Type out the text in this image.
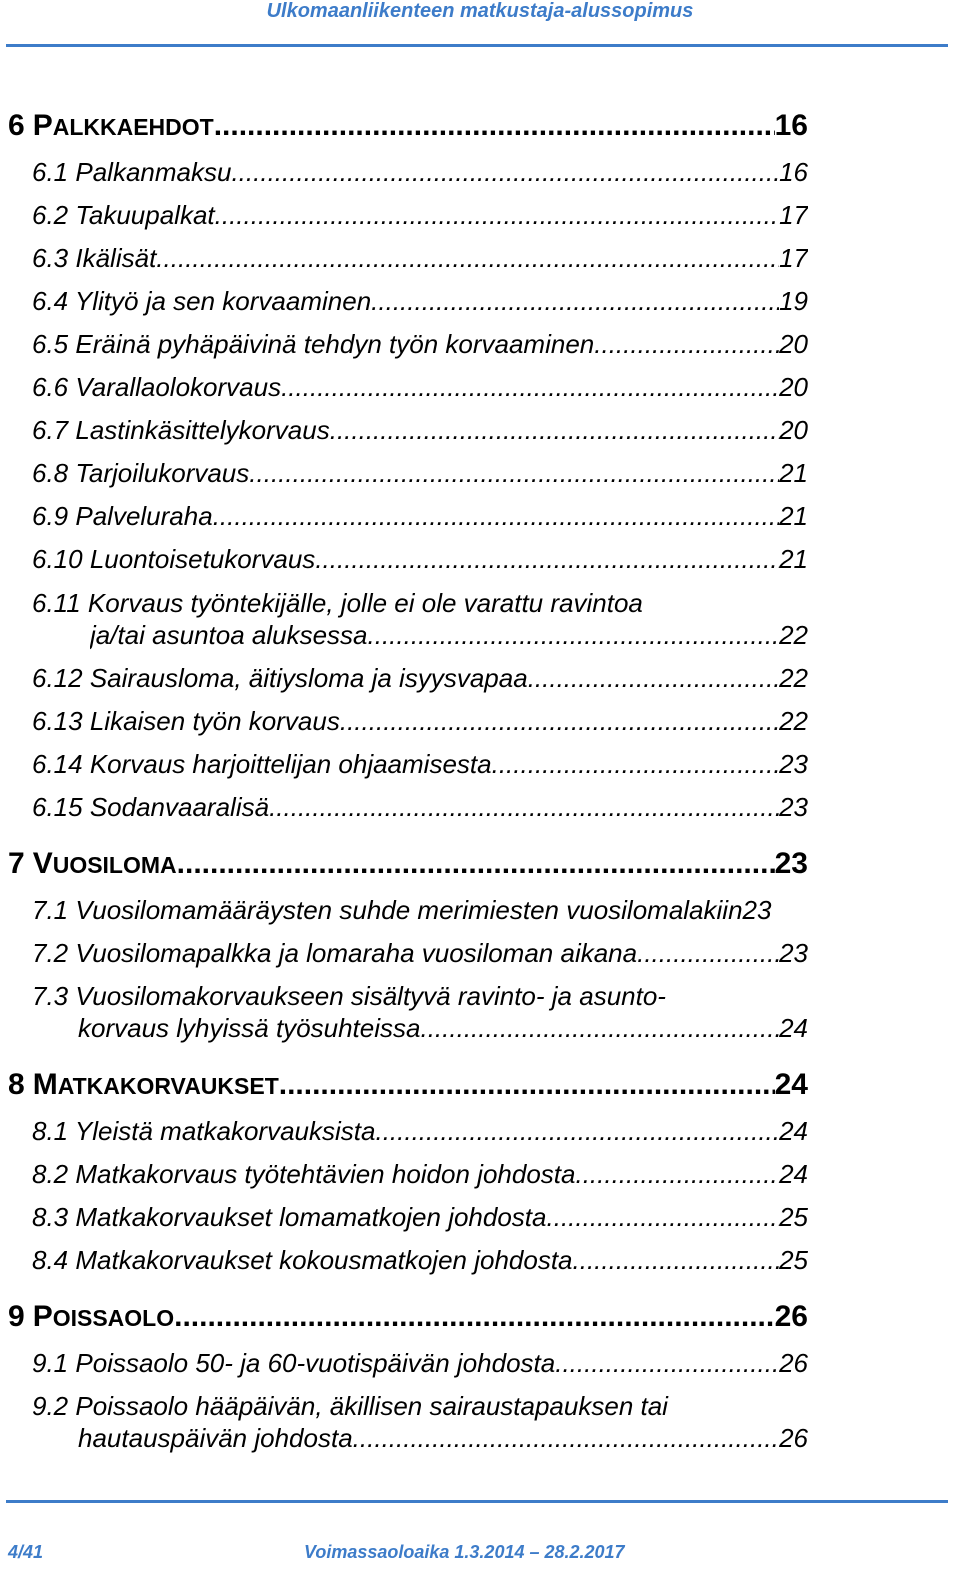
Ulkomaanliikenteen matkustaja-alussopimus
6 PALKKAEHDOT .....	16
6.1 Palkanmaksu .....	16
6.2 Takuupalkat .....	17
6.3 Ikälisät .....	17
6.4 Ylityö ja sen korvaaminen .....	19
6.5 Eräinä pyhäpäivinä tehdyn työn korvaaminen .....	20
6.6 Varallaolokorvaus .....	20
6.7 Lastinkäsittelykorvaus .....	20
6.8 Tarjoilukorvaus .....	21
6.9 Palveluraha .....	21
6.10 Luontoisetukorvaus .....	21
6.11 Korvaus työntekijälle, jolle ei ole varattu ravintoa
ja/tai asuntoa aluksessa .....	22
6.12 Sairausloma, äitiysloma ja isyysvapaa .....	22
6.13 Likaisen työn korvaus .....	22
6.14 Korvaus harjoittelijan ohjaamisesta .....	23
6.15 Sodanvaaralisä .....	23
7 VUOSILOMA .....	23
7.1 Vuosilomamääräysten suhde merimiesten vuosilomalakiin 23
7.2 Vuosilomapalkka ja lomaraha vuosiloman aikana .....	23
7.3 Vuosilomakorvaukseen sisältyvä ravinto- ja asunto-
korvaus lyhyissä työsuhteissa .....	24
8 MATKAKORVAUKSET .....	24
8.1 Yleistä matkakorvauksista .....	24
8.2 Matkakorvaus työtehtävien hoidon johdosta .....	24
8.3 Matkakorvaukset lomamatkojen johdosta .....	25
8.4 Matkakorvaukset kokousmatkojen johdosta .....	25
9 POISSAOLO .....	26
9.1 Poissaolo 50- ja 60-vuotispäivän johdosta .....	26
9.2 Poissaolo hääpäivän, äkillisen sairaustapauksen tai
hautauspäivän johdosta .....	26
4/41	Voimassaoloaika 1.3.2014 – 28.2.2017
